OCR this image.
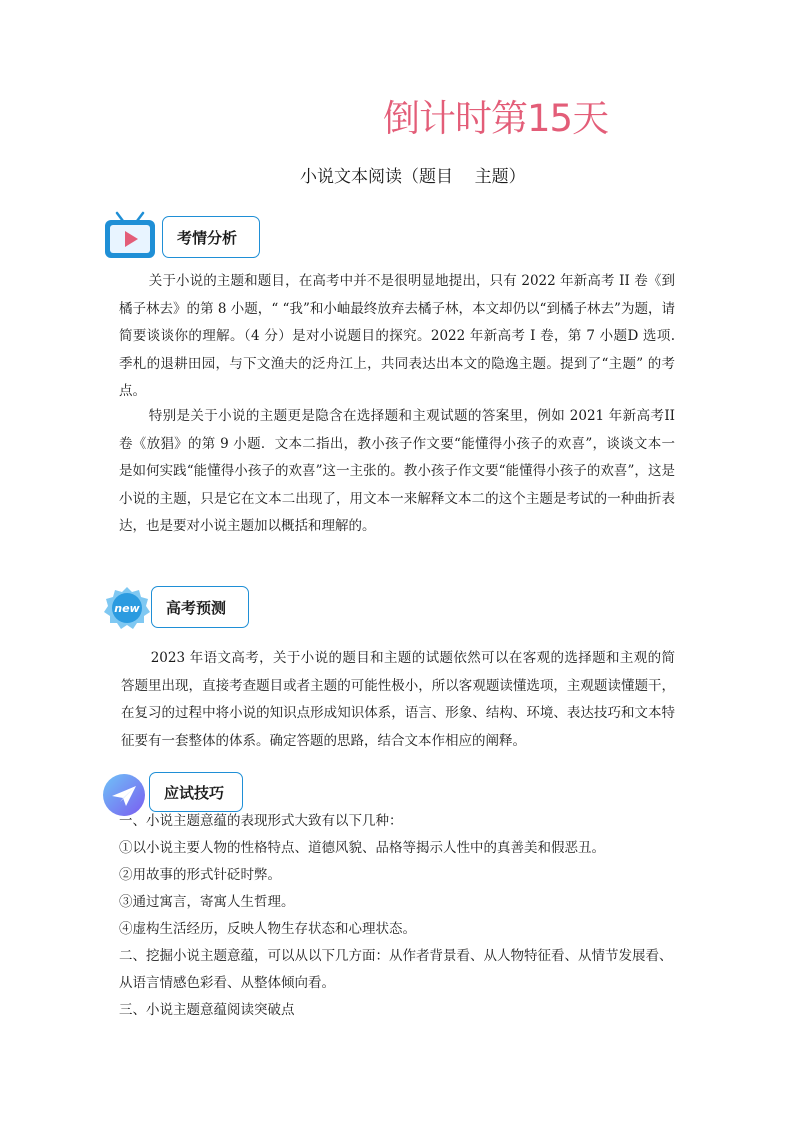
倒计时第15天
小说文本阅读（题目    主题）
考情分析

关于小说的主题和题目，在高考中并不是很明显地提出，只有 2022 年新高考 II 卷《到橘子林去》的第 8 小题，“ “我”和小岫最终放弃去橘子林，本文却仍以“到橘子林去”为题，请简要谈谈你的理解。（4 分）是对小说题目的探究。2022 年新高考 I 卷，第 7 小题D 选项. 季札的退耕田园，与下文渔夫的泛舟江上，共同表达出本文的隐逸主题。提到了“主题” 的考点。

特别是关于小说的主题更是隐含在选择题和主观试题的答案里，例如 2021 年新高考II 卷《放猖》的第 9 小题．文本二指出，教小孩子作文要“能懂得小孩子的欢喜”，谈谈文本一是如何实践“能懂得小孩子的欢喜”这一主张的。教小孩子作文要“能懂得小孩子的欢喜”，这是小说的主题，只是它在文本二出现了，用文本一来解释文本二的这个主题是考试的一种曲折表达，也是要对小说主题加以概括和理解的。

new	高考预测

2023 年语文高考，关于小说的题目和主题的试题依然可以在客观的选择题和主观的简答题里出现，直接考查题目或者主题的可能性极小，所以客观题读懂选项，主观题读懂题干，在复习的过程中将小说的知识点形成知识体系，语言、形象、结构、环境、表达技巧和文本特征要有一套整体的体系。确定答题的思路，结合文本作相应的阐释。

应试技巧
一、小说主题意蕴的表现形式大致有以下几种：
①以小说主要人物的性格特点、道德风貌、品格等揭示人性中的真善美和假恶丑。
②用故事的形式针砭时弊。
③通过寓言，寄寓人生哲理。
④虚构生活经历，反映人物生存状态和心理状态。
二、挖掘小说主题意蕴，可以从以下几方面：从作者背景看、从人物特征看、从情节发展看、从语言情感色彩看、从整体倾向看。
三、小说主题意蕴阅读突破点
